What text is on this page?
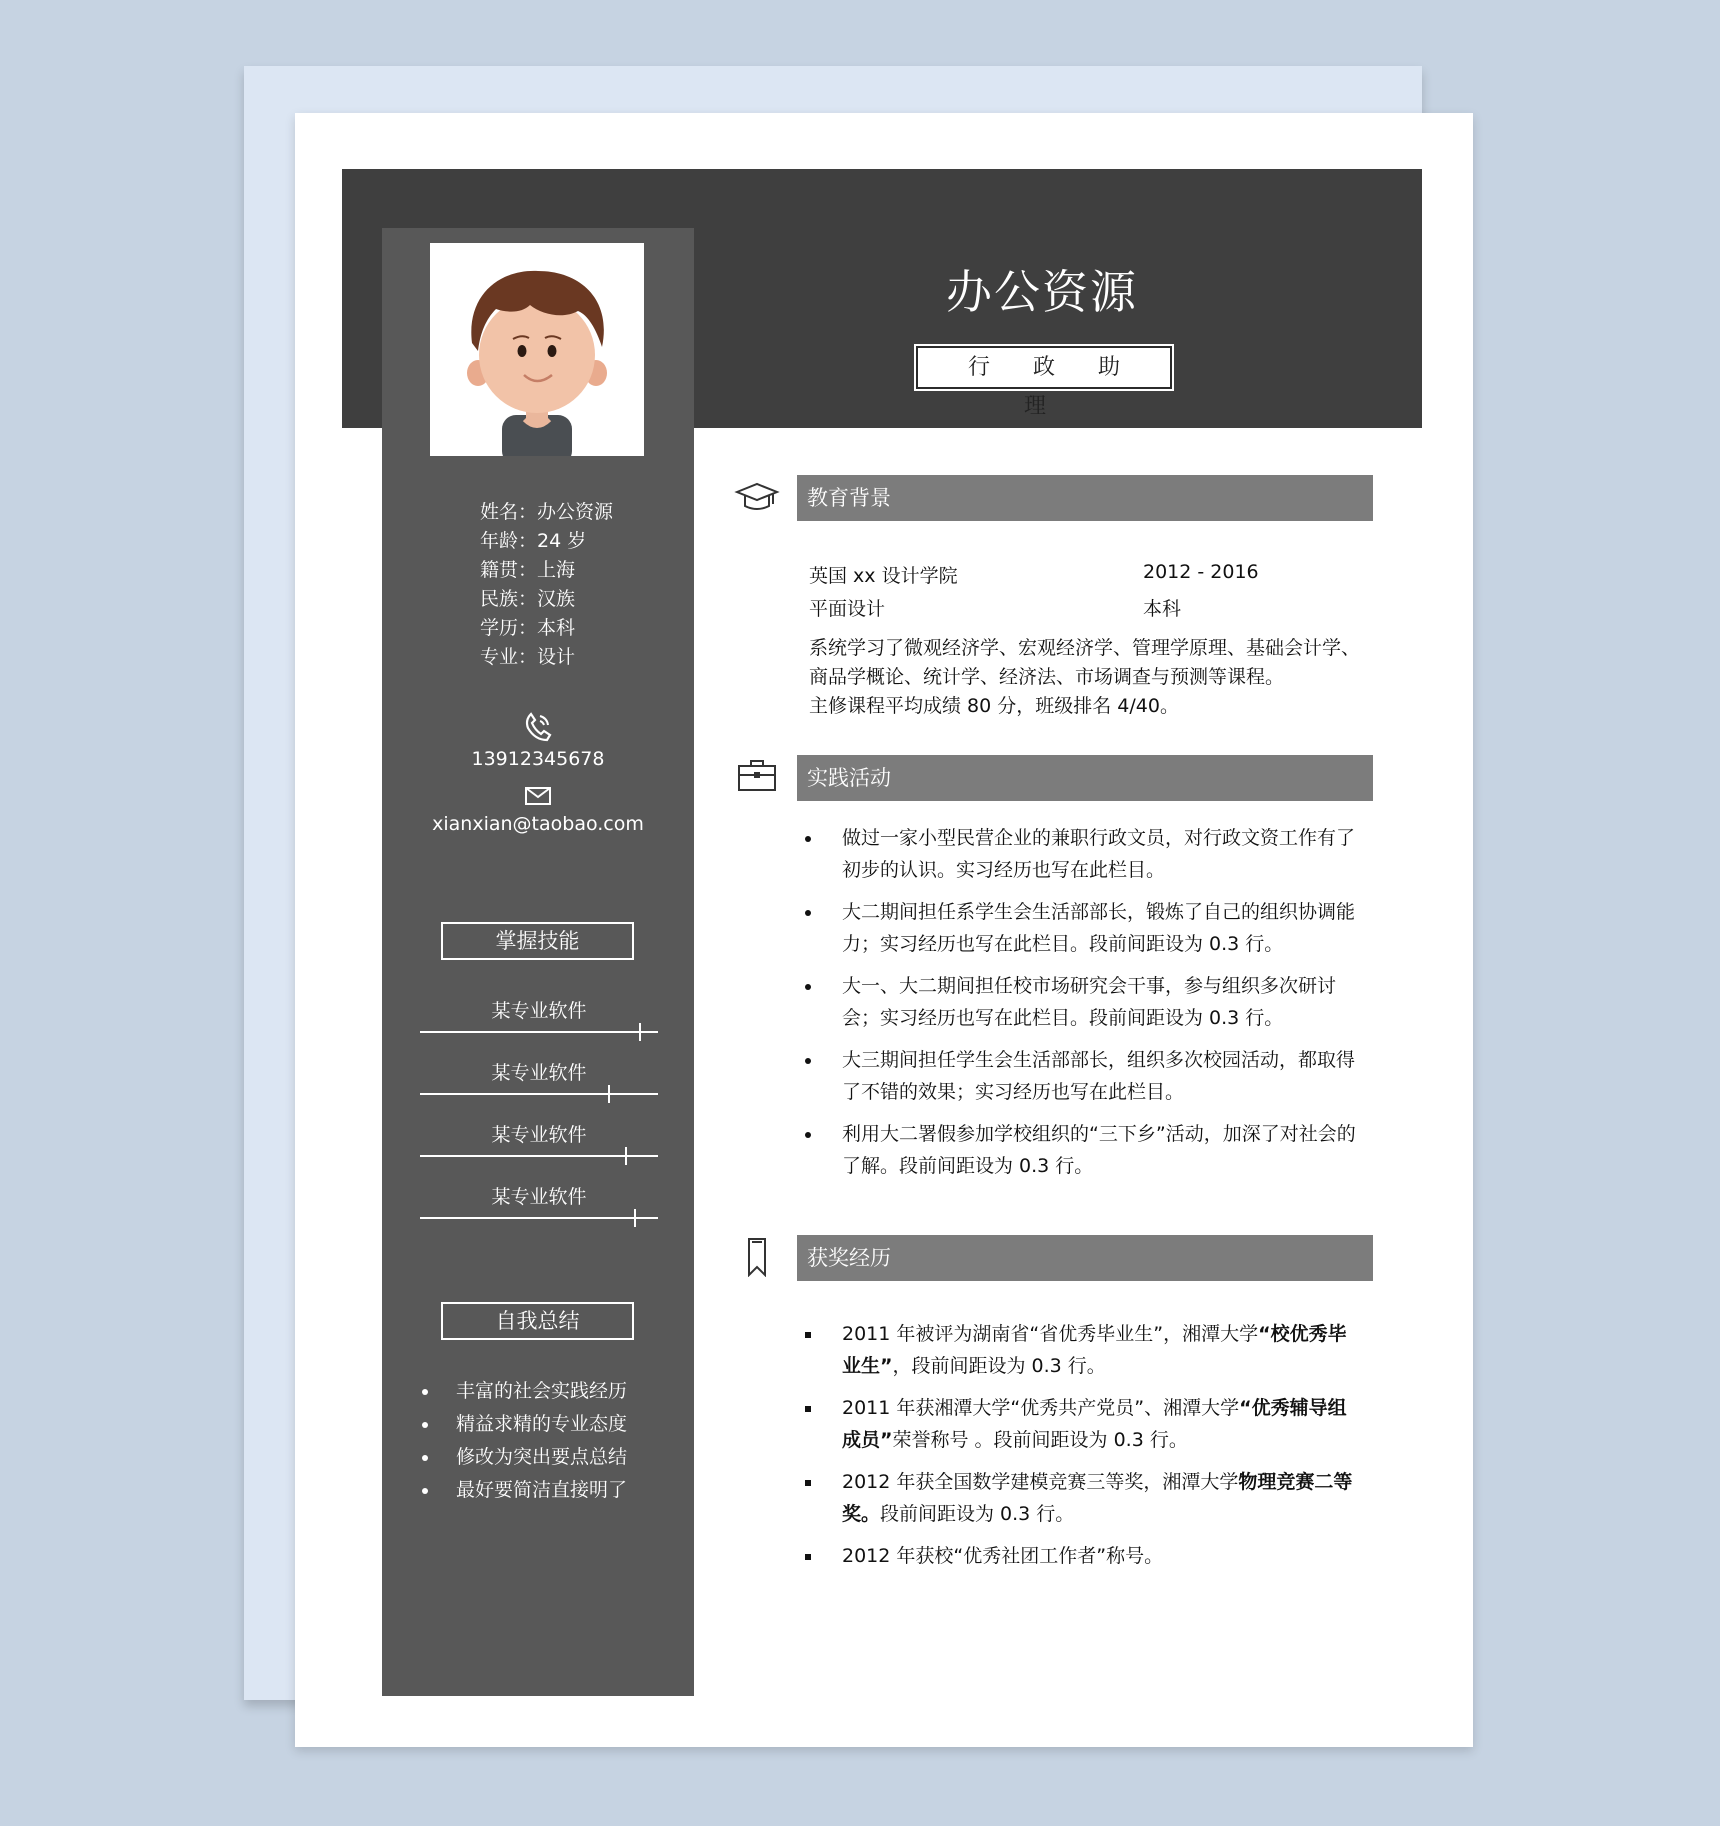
办公资源
行 政 助 理
姓名：办公资源
年龄：24 岁
籍贯：上海
民族：汉族
学历：本科
专业：设计
13912345678
xianxian@taobao.com
掌握技能
某专业软件
某专业软件
某专业软件
某专业软件
自我总结
丰富的社会实践经历
精益求精的专业态度
修改为突出要点总结
最好要简洁直接明了
教育背景
英国 xx 设计学院	2012 - 2016
平面设计	本科
系统学习了微观经济学、宏观经济学、管理学原理、基础会计学、
商品学概论、统计学、经济法、市场调查与预测等课程。
主修课程平均成绩 80 分，班级排名 4/40。
实践活动
做过一家小型民营企业的兼职行政文员，对行政文资工作有了初步的认识。实习经历也写在此栏目。
大二期间担任系学生会生活部部长，锻炼了自己的组织协调能力；实习经历也写在此栏目。段前间距设为 0.3 行。
大一、大二期间担任校市场研究会干事，参与组织多次研讨会；实习经历也写在此栏目。段前间距设为 0.3 行。
大三期间担任学生会生活部部长，组织多次校园活动，都取得了不错的效果；实习经历也写在此栏目。
利用大二署假参加学校组织的“三下乡”活动，加深了对社会的了解。段前间距设为 0.3 行。
获奖经历
2011 年被评为湖南省“省优秀毕业生”，湘潭大学“校优秀毕业生”，段前间距设为 0.3 行。
2011 年获湘潭大学“优秀共产党员”、湘潭大学“优秀辅导组成员”荣誉称号 。段前间距设为 0.3 行。
2012 年获全国数学建模竞赛三等奖，湘潭大学物理竞赛二等奖。段前间距设为 0.3 行。
2012 年获校“优秀社团工作者”称号。
